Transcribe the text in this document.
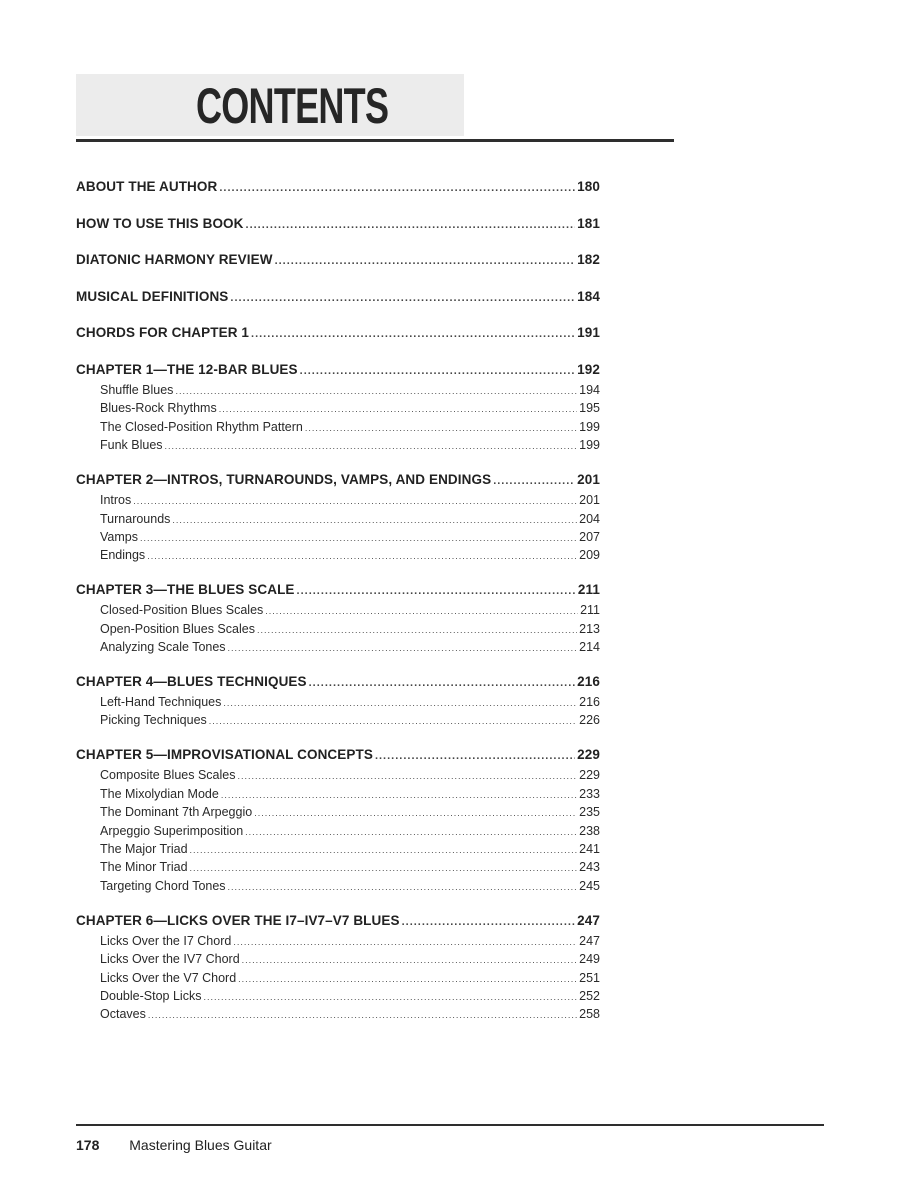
CONTENTS
ABOUT THE AUTHOR .....	180
HOW TO USE THIS BOOK .....	181
DIATONIC HARMONY REVIEW .....	182
MUSICAL DEFINITIONS .....	184
CHORDS FOR CHAPTER 1 .....	191
CHAPTER 1—THE 12-BAR BLUES .....	192
Shuffle Blues .....	194
Blues-Rock Rhythms .....	195
The Closed-Position Rhythm Pattern .....	199
Funk Blues .....	199
CHAPTER 2—INTROS, TURNAROUNDS, VAMPS, AND ENDINGS .....	201
Intros .....	201
Turnarounds .....	204
Vamps .....	207
Endings .....	209
CHAPTER 3—THE BLUES SCALE .....	211
Closed-Position Blues Scales .....	211
Open-Position Blues Scales .....	213
Analyzing Scale Tones .....	214
CHAPTER 4—BLUES TECHNIQUES .....	216
Left-Hand Techniques .....	216
Picking Techniques .....	226
CHAPTER 5—IMPROVISATIONAL CONCEPTS .....	229
Composite Blues Scales .....	229
The Mixolydian Mode .....	233
The Dominant 7th Arpeggio .....	235
Arpeggio Superimposition .....	238
The Major Triad .....	241
The Minor Triad .....	243
Targeting Chord Tones .....	245
CHAPTER 6—LICKS OVER THE I7–IV7–V7 BLUES .....	247
Licks Over the I7 Chord .....	247
Licks Over the IV7 Chord .....	249
Licks Over the V7 Chord .....	251
Double-Stop Licks .....	252
Octaves .....	258
178 Mastering Blues Guitar
